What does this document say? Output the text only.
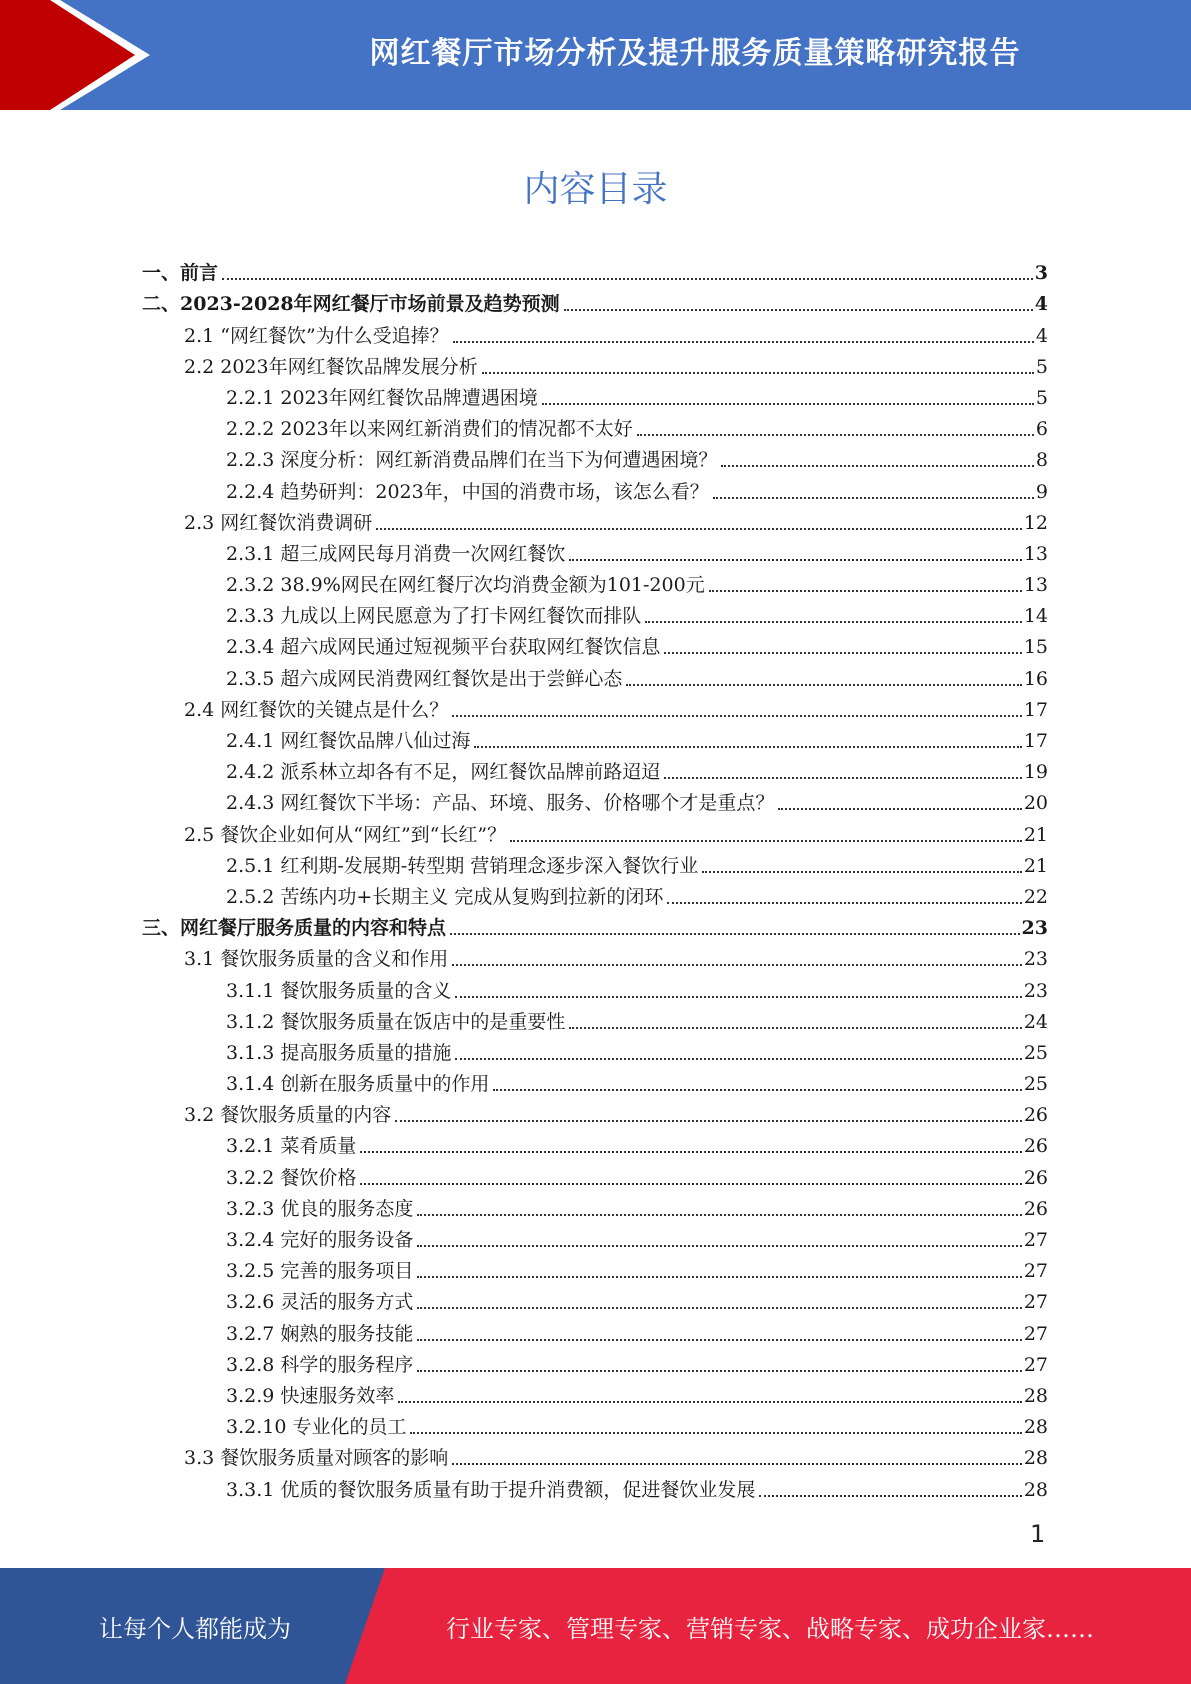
网红餐厅市场分析及提升服务质量策略研究报告
内容目录
一、前言	3
二、2023-2028年网红餐厅市场前景及趋势预测	4
2.1 “网红餐饮”为什么受追捧？	4
2.2 2023年网红餐饮品牌发展分析	5
2.2.1 2023年网红餐饮品牌遭遇困境	5
2.2.2 2023年以来网红新消费们的情况都不太好	6
2.2.3 深度分析：网红新消费品牌们在当下为何遭遇困境？	8
2.2.4 趋势研判：2023年，中国的消费市场，该怎么看？	9
2.3 网红餐饮消费调研	12
2.3.1 超三成网民每月消费一次网红餐饮	13
2.3.2 38.9%网民在网红餐厅次均消费金额为101-200元	13
2.3.3 九成以上网民愿意为了打卡网红餐饮而排队	14
2.3.4 超六成网民通过短视频平台获取网红餐饮信息	15
2.3.5 超六成网民消费网红餐饮是出于尝鲜心态	16
2.4 网红餐饮的关键点是什么？	17
2.4.1 网红餐饮品牌八仙过海	17
2.4.2 派系林立却各有不足，网红餐饮品牌前路迢迢	19
2.4.3 网红餐饮下半场：产品、环境、服务、价格哪个才是重点？	20
2.5 餐饮企业如何从“网红”到“长红”？	21
2.5.1 红利期-发展期-转型期 营销理念逐步深入餐饮行业	21
2.5.2 苦练内功+长期主义 完成从复购到拉新的闭环	22
三、网红餐厅服务质量的内容和特点	23
3.1 餐饮服务质量的含义和作用	23
3.1.1 餐饮服务质量的含义	23
3.1.2 餐饮服务质量在饭店中的是重要性	24
3.1.3 提高服务质量的措施	25
3.1.4 创新在服务质量中的作用	25
3.2 餐饮服务质量的内容	26
3.2.1 菜肴质量	26
3.2.2 餐饮价格	26
3.2.3 优良的服务态度	26
3.2.4 完好的服务设备	27
3.2.5 完善的服务项目	27
3.2.6 灵活的服务方式	27
3.2.7 娴熟的服务技能	27
3.2.8 科学的服务程序	27
3.2.9 快速服务效率	28
3.2.10 专业化的员工	28
3.3 餐饮服务质量对顾客的影响	28
3.3.1 优质的餐饮服务质量有助于提升消费额，促进餐饮业发展	28
1
让每个人都能成为	行业专家、管理专家、营销专家、战略专家、成功企业家……
